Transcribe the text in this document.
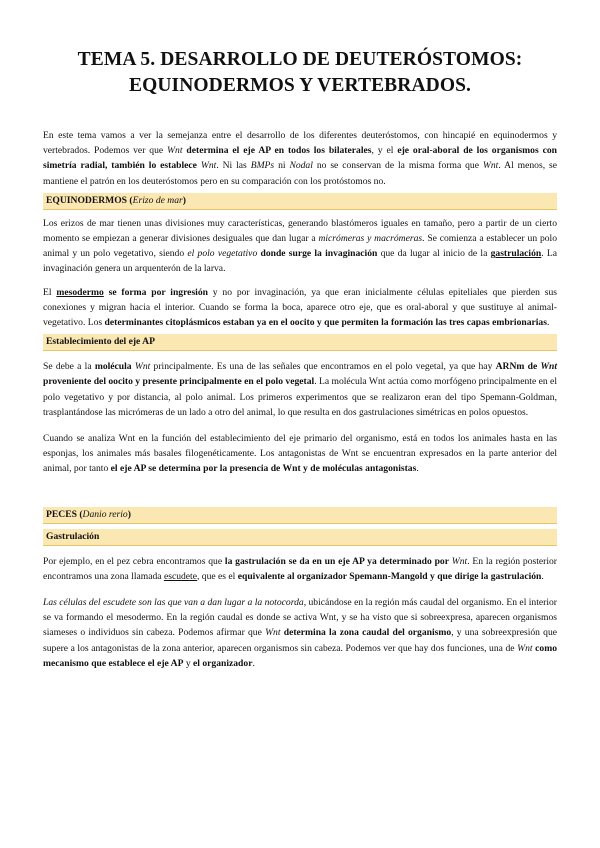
TEMA 5. DESARROLLO DE DEUTERÓSTOMOS:
EQUINODERMOS Y VERTEBRADOS.

En este tema vamos a ver la semejanza entre el desarrollo de los diferentes deuteróstomos, con hincapié en equinodermos y vertebrados. Podemos ver que Wnt determina el eje AP en todos los bilaterales, y el eje oral-aboral de los organismos con simetría radial, también lo establece Wnt. Ni las BMPs ni Nodal no se conservan de la misma forma que Wnt. Al menos, se mantiene el patrón en los deuteróstomos pero en su comparación con los protóstomos no.

EQUINODERMOS (Erizo de mar)

Los erizos de mar tienen unas divisiones muy características, generando blastómeros iguales en tamaño, pero a partir de un cierto momento se empiezan a generar divisiones desiguales que dan lugar a micrómeras y macrómeras. Se comienza a establecer un polo animal y un polo vegetativo, siendo el polo vegetativo donde surge la invaginación que da lugar al inicio de la gastrulación. La invaginación genera un arquenterón de la larva.

El mesodermo se forma por ingresión y no por invaginación, ya que eran inicialmente células epiteliales que pierden sus conexiones y migran hacia el interior. Cuando se forma la boca, aparece otro eje, que es oral-aboral y que sustituye al animal-vegetativo. Los determinantes citoplásmicos estaban ya en el oocito y que permiten la formación las tres capas embrionarias.

Establecimiento del eje AP

Se debe a la molécula Wnt principalmente. Es una de las señales que encontramos en el polo vegetal, ya que hay ARNm de Wnt proveniente del oocito y presente principalmente en el polo vegetal. La molécula Wnt actúa como morfógeno principalmente en el polo vegetativo y por distancia, al polo animal. Los primeros experimentos que se realizaron eran del tipo Spemann-Goldman, trasplantándose las micrómeras de un lado a otro del animal, lo que resulta en dos gastrulaciones simétricas en polos opuestos.

Cuando se analiza Wnt en la función del establecimiento del eje primario del organismo, está en todos los animales hasta en las esponjas, los animales más basales filogenéticamente. Los antagonistas de Wnt se encuentran expresados en la parte anterior del animal, por tanto el eje AP se determina por la presencia de Wnt y de moléculas antagonistas.

PECES (Danio rerio)
Gastrulación

Por ejemplo, en el pez cebra encontramos que la gastrulación se da en un eje AP ya determinado por Wnt. En la región posterior encontramos una zona llamada escudete, que es el equivalente al organizador Spemann-Mangold y que dirige la gastrulación.

Las células del escudete son las que van a dan lugar a la notocorda, ubicándose en la región más caudal del organismo. En el interior se va formando el mesodermo. En la región caudal es donde se activa Wnt, y se ha visto que si sobreexpresa, aparecen organismos siameses o individuos sin cabeza. Podemos afirmar que Wnt determina la zona caudal del organismo, y una sobreexpresión que supere a los antagonistas de la zona anterior, aparecen organismos sin cabeza. Podemos ver que hay dos funciones, una de Wnt como mecanismo que establece el eje AP y el organizador.
